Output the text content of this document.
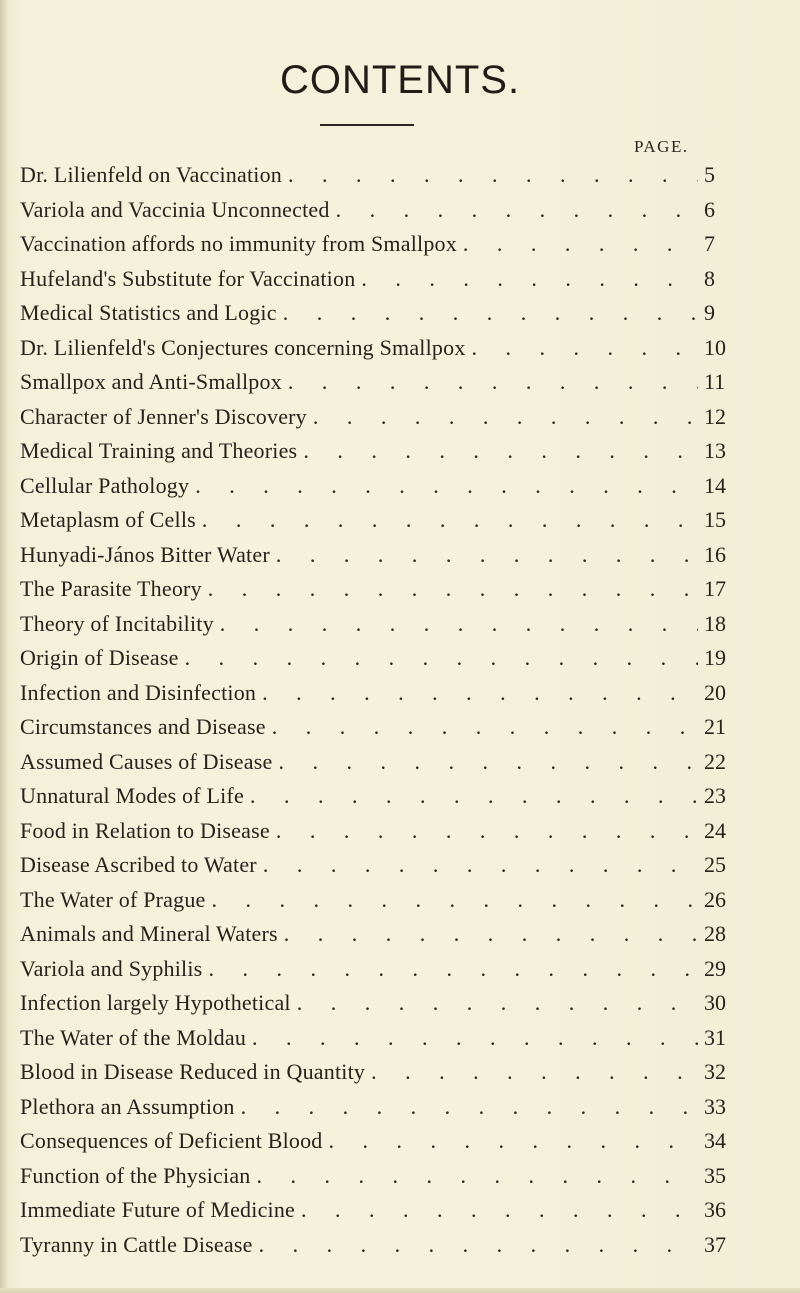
CONTENTS.
PAGE.
Dr. Lilienfeld on Vaccination . . .	5
Variola and Vaccinia Unconnected . . .	6
Vaccination affords no immunity from Smallpox . . .	7
Hufeland's Substitute for Vaccination . . .	8
Medical Statistics and Logic . . .	9
Dr. Lilienfeld's Conjectures concerning Smallpox . . .	10
Smallpox and Anti-Smallpox . . .	11
Character of Jenner's Discovery . . .	12
Medical Training and Theories . . .	13
Cellular Pathology . . .	14
Metaplasm of Cells . . .	15
Hunyadi-János Bitter Water . . .	16
The Parasite Theory . . .	17
Theory of Incitability . . .	18
Origin of Disease . . .	19
Infection and Disinfection . . .	20
Circumstances and Disease . . .	21
Assumed Causes of Disease . . .	22
Unnatural Modes of Life . . .	23
Food in Relation to Disease . . .	24
Disease Ascribed to Water . . .	25
The Water of Prague . . .	26
Animals and Mineral Waters . . .	28
Variola and Syphilis . . .	29
Infection largely Hypothetical . . .	30
The Water of the Moldau . . .	31
Blood in Disease Reduced in Quantity . . .	32
Plethora an Assumption . . .	33
Consequences of Deficient Blood . . .	34
Function of the Physician . . .	35
Immediate Future of Medicine . . .	36
Tyranny in Cattle Disease . . .	37
